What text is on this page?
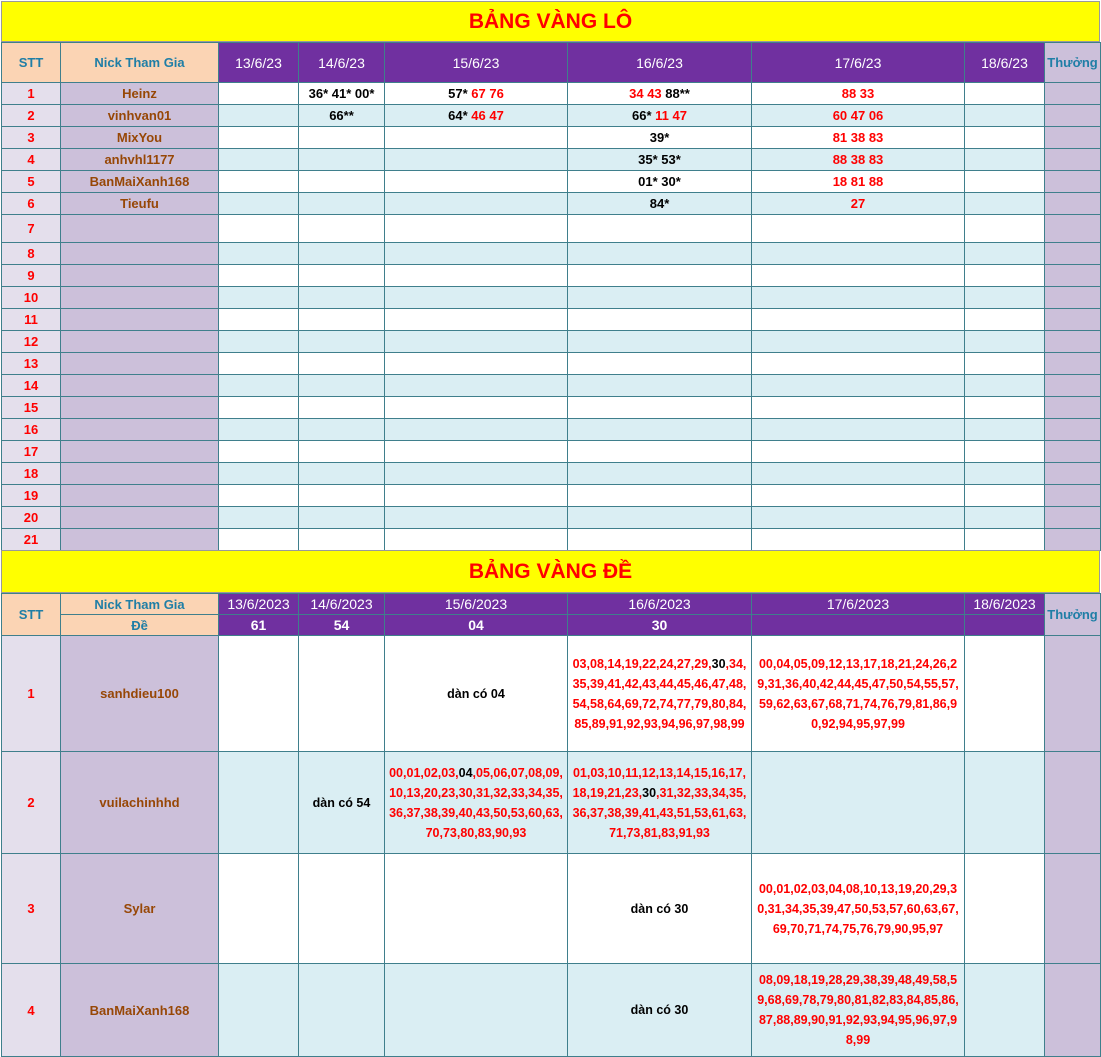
BẢNG VÀNG LÔ
STT	Nick Tham Gia	13/6/23	14/6/23	15/6/23	16/6/23	17/6/23	18/6/23	Thưởng
1	Heinz		36* 41* 00*	57* 67 76	34 43 88**	88 33		
2	vinhvan01		66**	64* 46 47	66* 11 47	60 47 06		
3	MixYou				39*	81 38 83		
4	anhvhl1177				35* 53*	88 38 83		
5	BanMaiXanh168				01* 30*	18 81 88		
6	Tieufu				84*	27		
7								
8								
9								
10								
11								
12								
13								
14								
15								
16								
17								
18								
19								
20								
21								
BẢNG VÀNG ĐỀ
STT	Nick Tham Gia	13/6/2023	14/6/2023	15/6/2023	16/6/2023	17/6/2023	18/6/2023	Thưởng
	Đề	61	54	04	30			
1	sanhdieu100			dàn có 04	03,08,14,19,22,24,27,29,30,34,35,39,41,42,43,44,45,46,47,48,54,58,64,69,72,74,77,79,80,84,85,89,91,92,93,94,96,97,98,99	00,04,05,09,12,13,17,18,21,24,26,29,31,36,40,42,44,45,47,50,54,55,57,59,62,63,67,68,71,74,76,79,81,86,90,92,94,95,97,99		
2	vuilachinhhd		dàn có 54	00,01,02,03,04,05,06,07,08,09,10,13,20,23,30,31,32,33,34,35,36,37,38,39,40,43,50,53,60,63,70,73,80,83,90,93	01,03,10,11,12,13,14,15,16,17,18,19,21,23,30,31,32,33,34,35,36,37,38,39,41,43,51,53,61,63,71,73,81,83,91,93			
3	Sylar				dàn có 30	00,01,02,03,04,08,10,13,19,20,29,30,31,34,35,39,47,50,53,57,60,63,67,69,70,71,74,75,76,79,90,95,97		
4	BanMaiXanh168				dàn có 30	08,09,18,19,28,29,38,39,48,49,58,59,68,69,78,79,80,81,82,83,84,85,86,87,88,89,90,91,92,93,94,95,96,97,98,99		
